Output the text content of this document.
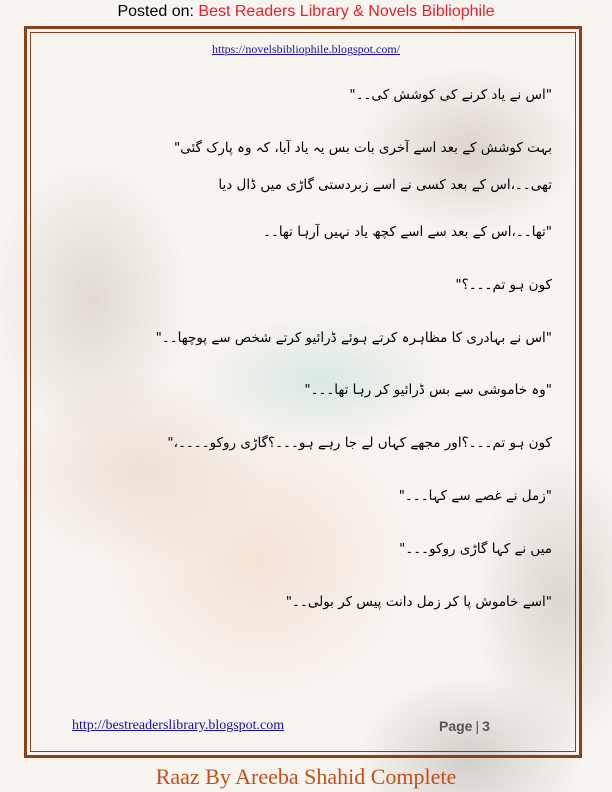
Posted on: Best Readers Library & Novels Bibliophile
https://novelsbibliophile.blogspot.com/
"اس نے یاد کرنے کی کوشش کی۔۔"
بہت کوشش کے بعد اسے آخری بات بس یہ یاد آیا، کہ وہ پارک گئی"
تھی۔۔،اس کے بعد کسی نے اسے زبردستی گاڑی میں ڈال دیا
"تھا۔۔،اس کے بعد سے اسے کچھ یاد نہیں آرہا تھا۔۔
کون ہو تم۔۔۔؟"
"اس نے بہادری کا مظاہرہ کرتے ہوئے ڈرائیو کرتے شخص سے پوچھا۔۔"
"وہ خاموشی سے بس ڈرائیو کر رہا تھا۔۔۔"
کون ہو تم۔۔۔؟اور مجھے کہاں لے جا رہے ہو۔۔۔؟گاڑی روکو۔۔۔۔،"
"زمل نے غصے سے کہا۔۔۔"
میں نے کہا گاڑی روکو۔۔۔"
"اسے خاموش پا کر زمل دانت پیس کر بولی۔۔"
http://bestreaderslibrary.blogspot.com	Page | 3
Raaz By Areeba Shahid Complete
